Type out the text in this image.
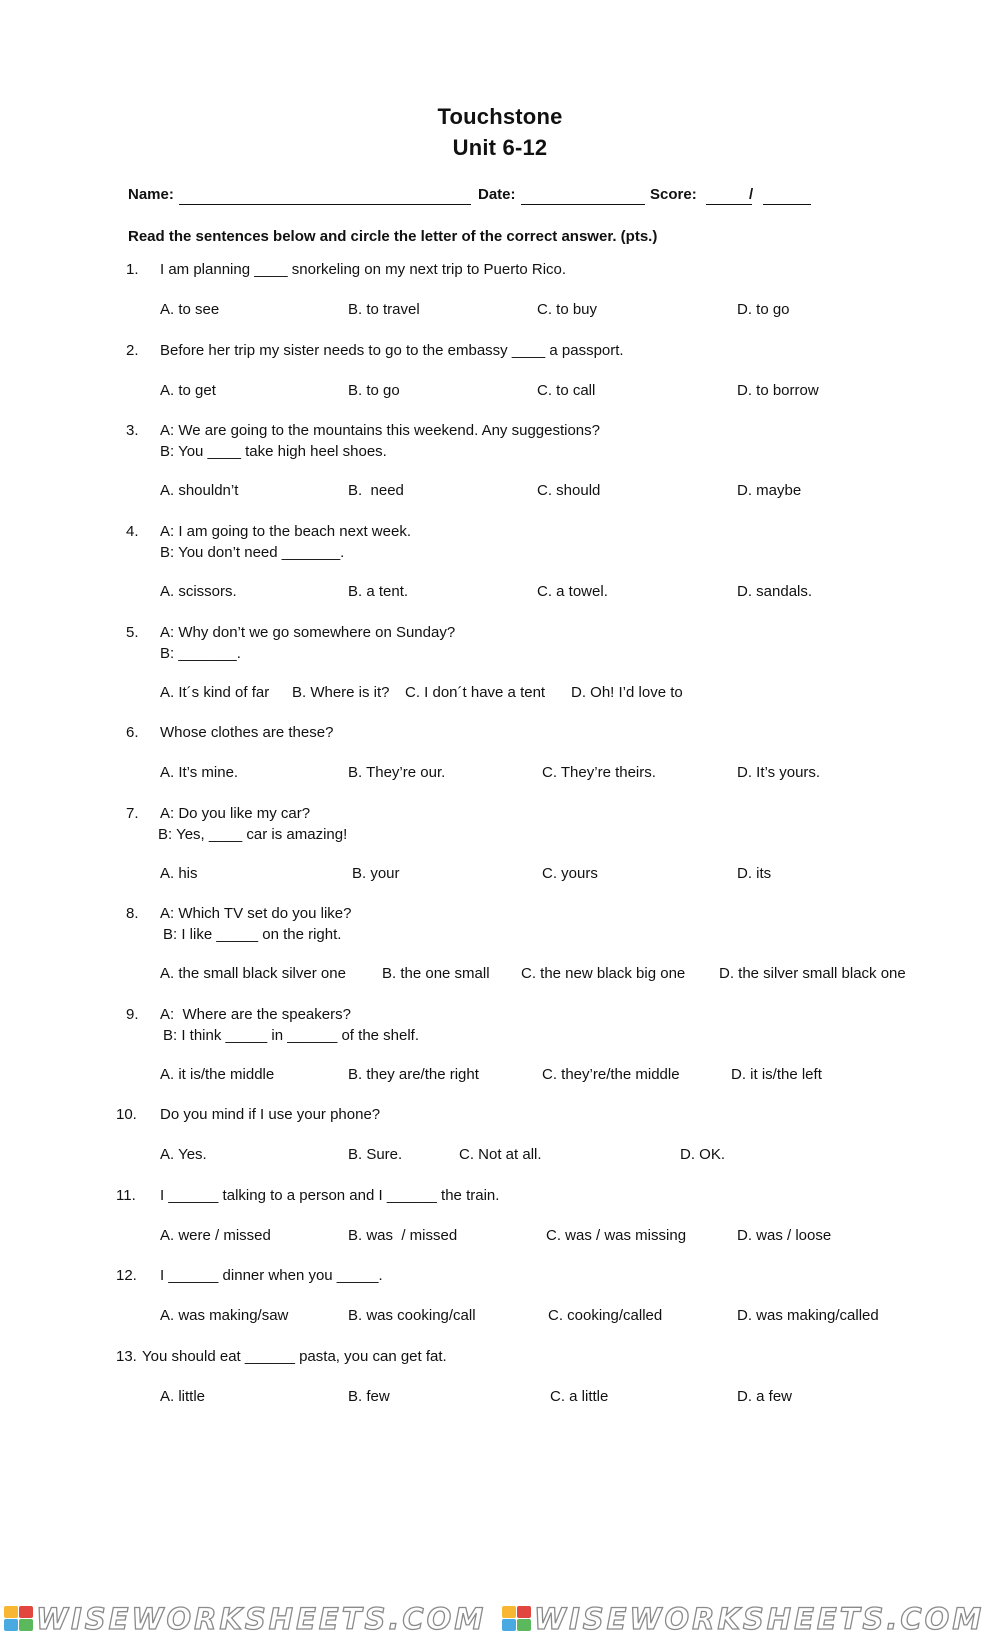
Touchstone
Unit 6-12
Name:	Date:	Score:	/
Read the sentences below and circle the letter of the correct answer. (pts.)
1. I am planning ____ snorkeling on my next trip to Puerto Rico.
A. to see	B. to travel	C. to buy	D. to go
2. Before her trip my sister needs to go to the embassy ____ a passport.
A. to get	B. to go	C. to call	D. to borrow
3. A: We are going to the mountains this weekend. Any suggestions?
B: You ____ take high heel shoes.
A. shouldn’t	B.  need	C. should	D. maybe
4. A: I am going to the beach next week.
B: You don’t need _______.
A. scissors.	B. a tent.	C. a towel.	D. sandals.
5. A: Why don’t we go somewhere on Sunday?
B: _______.
A. It´s kind of far B. Where is it? C. I don´t have a tent D. Oh! I’d love to
6. Whose clothes are these?
A. It’s mine.	B. They’re our.	C. They’re theirs.	D. It’s yours.
7. A: Do you like my car?
B: Yes, ____ car is amazing!
A. his	B. your	C. yours	D. its
8. A: Which TV set do you like?
B: I like _____ on the right.
A. the small black silver one B. the one small C. the new black big one D. the silver small black one
9. A:  Where are the speakers?
B: I think _____ in ______ of the shelf.
A. it is/the middle	B. they are/the right	C. they’re/the middle	D. it is/the left
10. Do you mind if I use your phone?
A. Yes.	B. Sure.	C. Not at all.	D. OK.
11. I ______ talking to a person and I ______ the train.
A. were / missed	B. was  / missed	C. was / was missing	D. was / loose
12. I ______ dinner when you _____.
A. was making/saw	B. was cooking/call	C. cooking/called	D. was making/called
13. You should eat ______ pasta, you can get fat.
A. little	B. few	C. a little	D. a few
WISEWORKSHEETS.COM WISEWORKSHEETS.COM
